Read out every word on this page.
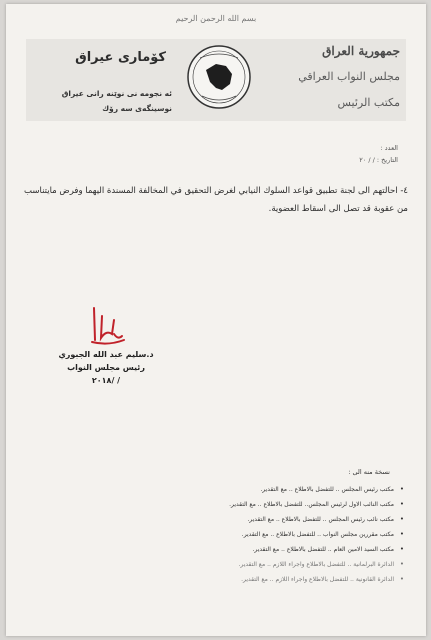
بسم الله الرحمن الرحيم
كۆمارى عيراق
ئه نجومه نى نوێنه رانى عيراق
نوسينگه‌ى سه رۆك
جمهورية العراق
مجلس النواب العراقي
مكتب الرئيس
العدد :
التاريخ : / / ٢٠
٤- احالتهم الى لجنة تطبيق قواعد السلوك النيابي لغرض التحقيق في المخالفة المسندة اليهما وفرض مايتناسب من عقوبة قد تصل الى اسقاط العضوية.
د.سليم عبد الله الجبوري
رئيس مجلس النواب
/ /٢٠١٨
نسخة منه الى :
• مكتب رئيس المجلس .. للتفضل بالاطلاع .. مع التقدير.
• مكتب النائب الاول لرئيس المجلس.. للتفضل بالاطلاع .. مع التقدير.
• مكتب نائب رئيس المجلس .. للتفضل بالاطلاع .. مع التقدير.
• مكتب مقررين مجلس النواب .. للتفضل بالاطلاع .. مع التقدير.
• مكتب السيد الامين العام .. للتفضل بالاطلاع .. مع التقدير.
• الدائرة البرلمانية .. للتفضل بالاطلاع واجراء اللازم .. مع التقدير.
• الدائرة القانونية .. للتفضل بالاطلاع واجراء اللازم .. مع التقدير.
